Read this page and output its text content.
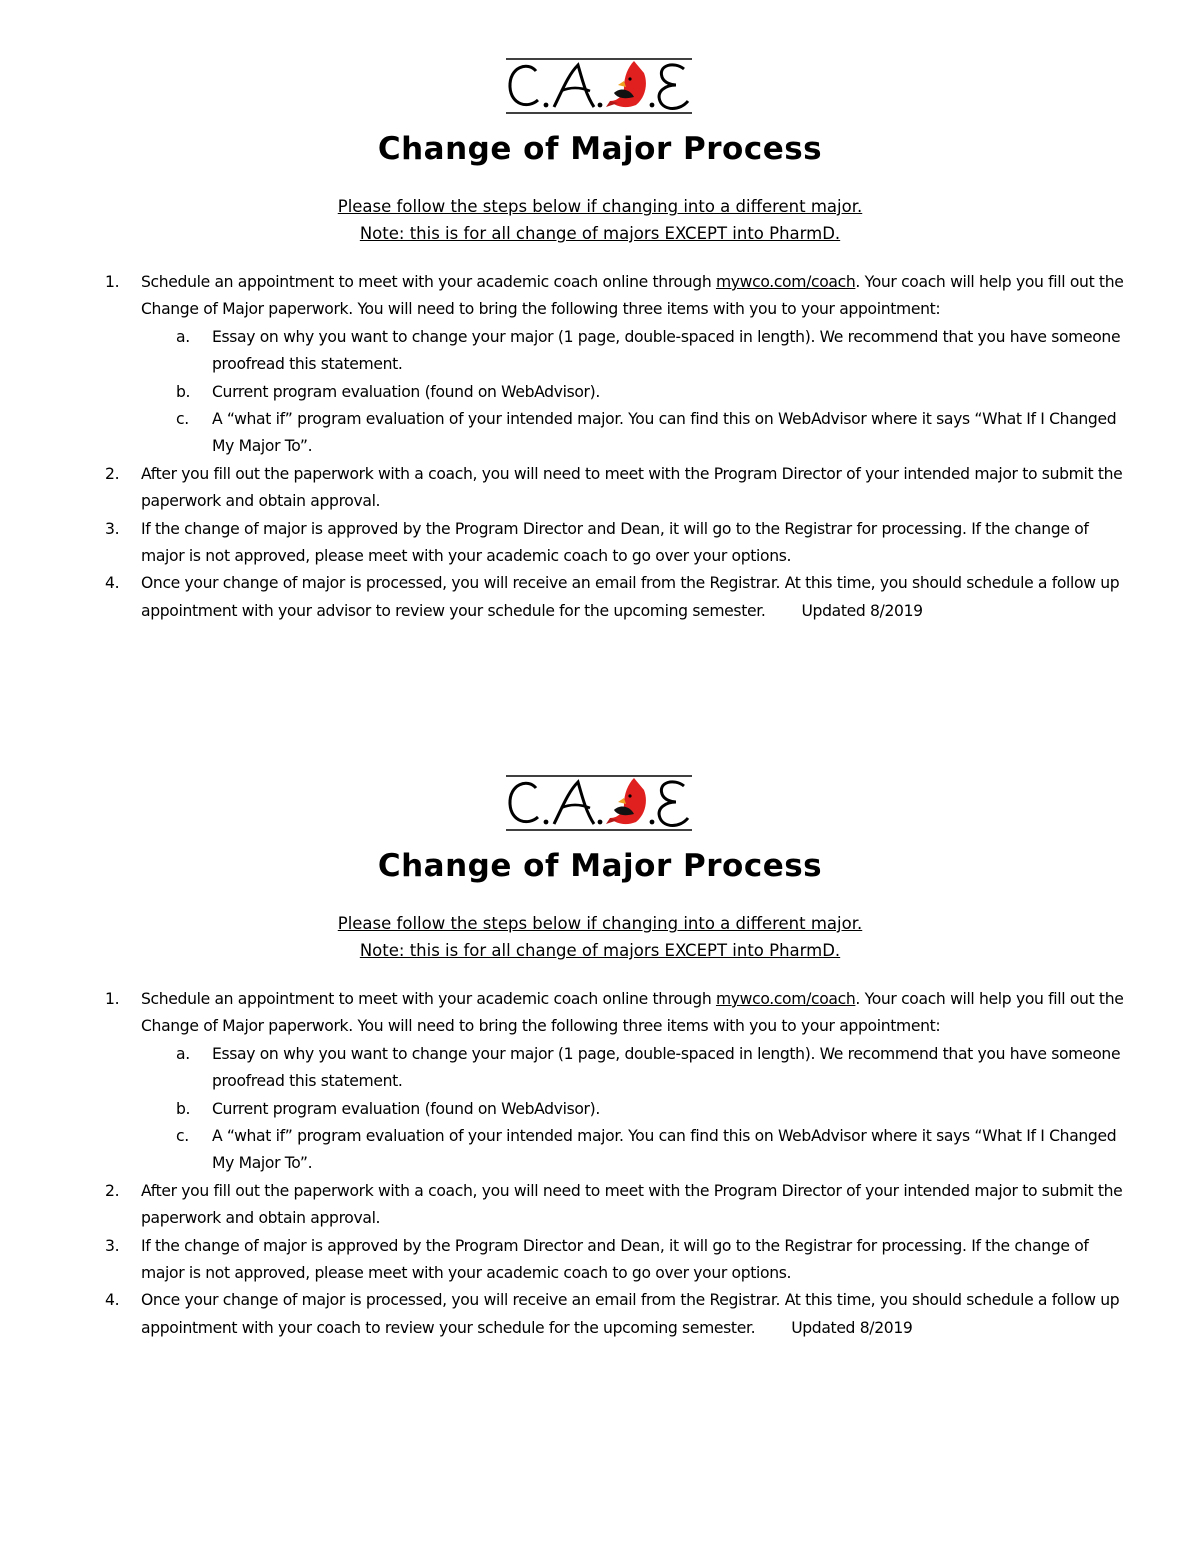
Change of Major Process
Please follow the steps below if changing into a different major.
Note: this is for all change of majors EXCEPT into PharmD.
1. Schedule an appointment to meet with your academic coach online through mywco.com/coach. Your coach will help you fill out the Change of Major paperwork. You will need to bring the following three items with you to your appointment:
a. Essay on why you want to change your major (1 page, double-spaced in length). We recommend that you have someone proofread this statement.
b. Current program evaluation (found on WebAdvisor).
c. A “what if” program evaluation of your intended major. You can find this on WebAdvisor where it says “What If I Changed My Major To”.
2. After you fill out the paperwork with a coach, you will need to meet with the Program Director of your intended major to submit the paperwork and obtain approval.
3. If the change of major is approved by the Program Director and Dean, it will go to the Registrar for processing. If the change of major is not approved, please meet with your academic coach to go over your options.
4. Once your change of major is processed, you will receive an email from the Registrar. At this time, you should schedule a follow up appointment with your advisor to review your schedule for the upcoming semester. Updated 8/2019
Change of Major Process
Please follow the steps below if changing into a different major.
Note: this is for all change of majors EXCEPT into PharmD.
1. Schedule an appointment to meet with your academic coach online through mywco.com/coach. Your coach will help you fill out the Change of Major paperwork. You will need to bring the following three items with you to your appointment:
a. Essay on why you want to change your major (1 page, double-spaced in length). We recommend that you have someone proofread this statement.
b. Current program evaluation (found on WebAdvisor).
c. A “what if” program evaluation of your intended major. You can find this on WebAdvisor where it says “What If I Changed My Major To”.
2. After you fill out the paperwork with a coach, you will need to meet with the Program Director of your intended major to submit the paperwork and obtain approval.
3. If the change of major is approved by the Program Director and Dean, it will go to the Registrar for processing. If the change of major is not approved, please meet with your academic coach to go over your options.
4. Once your change of major is processed, you will receive an email from the Registrar. At this time, you should schedule a follow up appointment with your coach to review your schedule for the upcoming semester. Updated 8/2019
